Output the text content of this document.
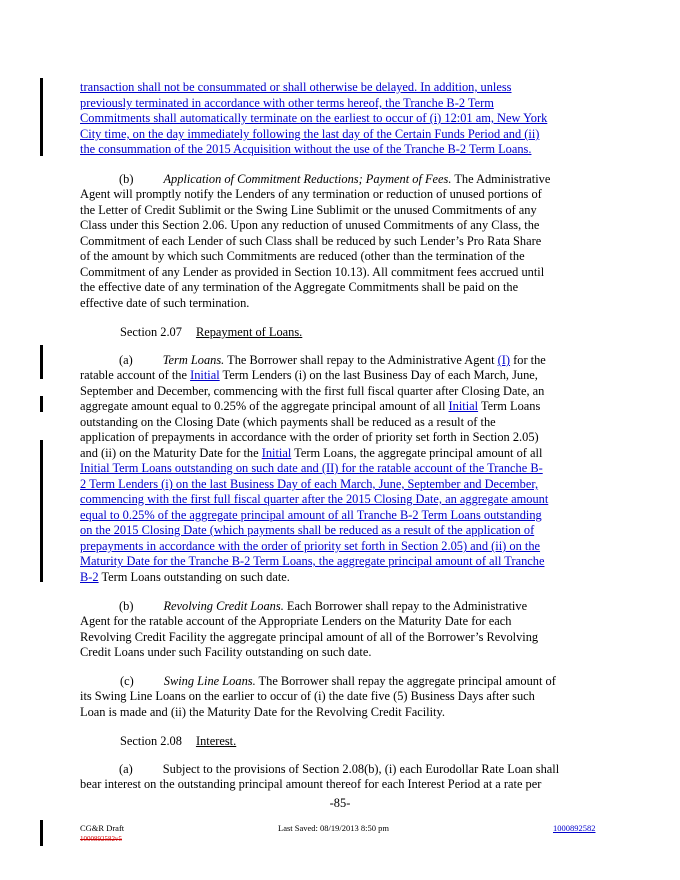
transaction shall not be consummated or shall otherwise be delayed. In addition, unless
previously terminated in accordance with other terms hereof, the Tranche B-2 Term
Commitments shall automatically terminate on the earliest to occur of (i) 12:01 am, New York
City time, on the day immediately following the last day of the Certain Funds Period and (ii)
the consummation of the 2015 Acquisition without the use of the Tranche B-2 Term Loans.
(b) Application of Commitment Reductions; Payment of Fees. The Administrative
Agent will promptly notify the Lenders of any termination or reduction of unused portions of
the Letter of Credit Sublimit or the Swing Line Sublimit or the unused Commitments of any
Class under this Section 2.06. Upon any reduction of unused Commitments of any Class, the
Commitment of each Lender of such Class shall be reduced by such Lender’s Pro Rata Share
of the amount by which such Commitments are reduced (other than the termination of the
Commitment of any Lender as provided in Section 10.13). All commitment fees accrued until
the effective date of any termination of the Aggregate Commitments shall be paid on the
effective date of such termination.
Section 2.07 Repayment of Loans.
(a) Term Loans. The Borrower shall repay to the Administrative Agent (I) for the
ratable account of the Initial Term Lenders (i) on the last Business Day of each March, June,
September and December, commencing with the first full fiscal quarter after Closing Date, an
aggregate amount equal to 0.25% of the aggregate principal amount of all Initial Term Loans
outstanding on the Closing Date (which payments shall be reduced as a result of the
application of prepayments in accordance with the order of priority set forth in Section 2.05)
and (ii) on the Maturity Date for the Initial Term Loans, the aggregate principal amount of all
Initial Term Loans outstanding on such date and (II) for the ratable account of the Tranche B-
2 Term Lenders (i) on the last Business Day of each March, June, September and December,
commencing with the first full fiscal quarter after the 2015 Closing Date, an aggregate amount
equal to 0.25% of the aggregate principal amount of all Tranche B-2 Term Loans outstanding
on the 2015 Closing Date (which payments shall be reduced as a result of the application of
prepayments in accordance with the order of priority set forth in Section 2.05) and (ii) on the
Maturity Date for the Tranche B-2 Term Loans, the aggregate principal amount of all Tranche
B-2 Term Loans outstanding on such date.
(b) Revolving Credit Loans. Each Borrower shall repay to the Administrative
Agent for the ratable account of the Appropriate Lenders on the Maturity Date for each
Revolving Credit Facility the aggregate principal amount of all of the Borrower’s Revolving
Credit Loans under such Facility outstanding on such date.
(c) Swing Line Loans. The Borrower shall repay the aggregate principal amount of
its Swing Line Loans on the earlier to occur of (i) the date five (5) Business Days after such
Loan is made and (ii) the Maturity Date for the Revolving Credit Facility.
Section 2.08 Interest.
(a) Subject to the provisions of Section 2.08(b), (i) each Eurodollar Rate Loan shall
bear interest on the outstanding principal amount thereof for each Interest Period at a rate per
-85-
CG&R Draft
1000892582v5
Last Saved: 08/19/2013 8:50 pm	1000892582
